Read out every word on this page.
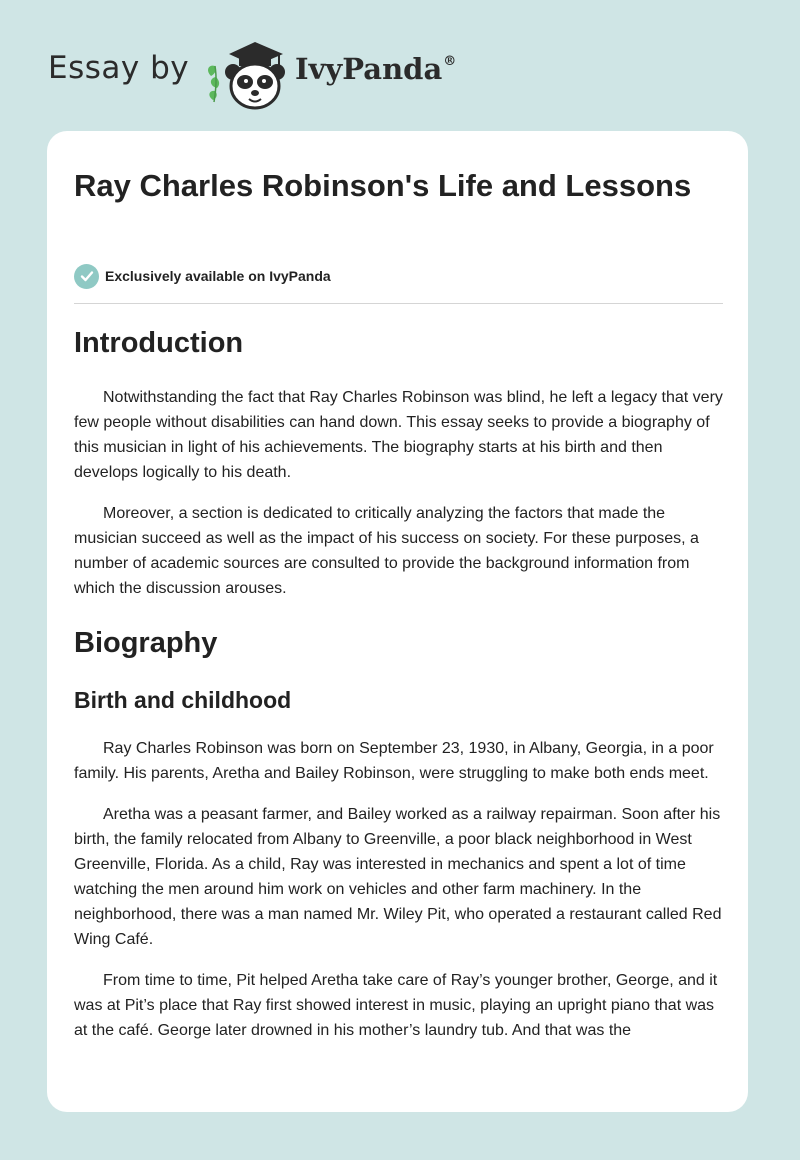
Essay by	IvyPanda®
Ray Charles Robinson's Life and Lessons
Exclusively available on IvyPanda
Introduction

Notwithstanding the fact that Ray Charles Robinson was blind, he left a legacy that very few people without disabilities can hand down. This essay seeks to provide a biography of this musician in light of his achievements. The biography starts at his birth and then develops logically to his death.

Moreover, a section is dedicated to critically analyzing the factors that made the musician succeed as well as the impact of his success on society. For these purposes, a number of academic sources are consulted to provide the background information from which the discussion arouses.

Biography
Birth and childhood

Ray Charles Robinson was born on September 23, 1930, in Albany, Georgia, in a poor family. His parents, Aretha and Bailey Robinson, were struggling to make both ends meet.

Aretha was a peasant farmer, and Bailey worked as a railway repairman. Soon after his birth, the family relocated from Albany to Greenville, a poor black neighborhood in West Greenville, Florida. As a child, Ray was interested in mechanics and spent a lot of time watching the men around him work on vehicles and other farm machinery. In the neighborhood, there was a man named Mr. Wiley Pit, who operated a restaurant called Red Wing Café.

From time to time, Pit helped Aretha take care of Ray’s younger brother, George, and it was at Pit’s place that Ray first showed interest in music, playing an upright piano that was at the café. George later drowned in his mother’s laundry tub. And that was the
